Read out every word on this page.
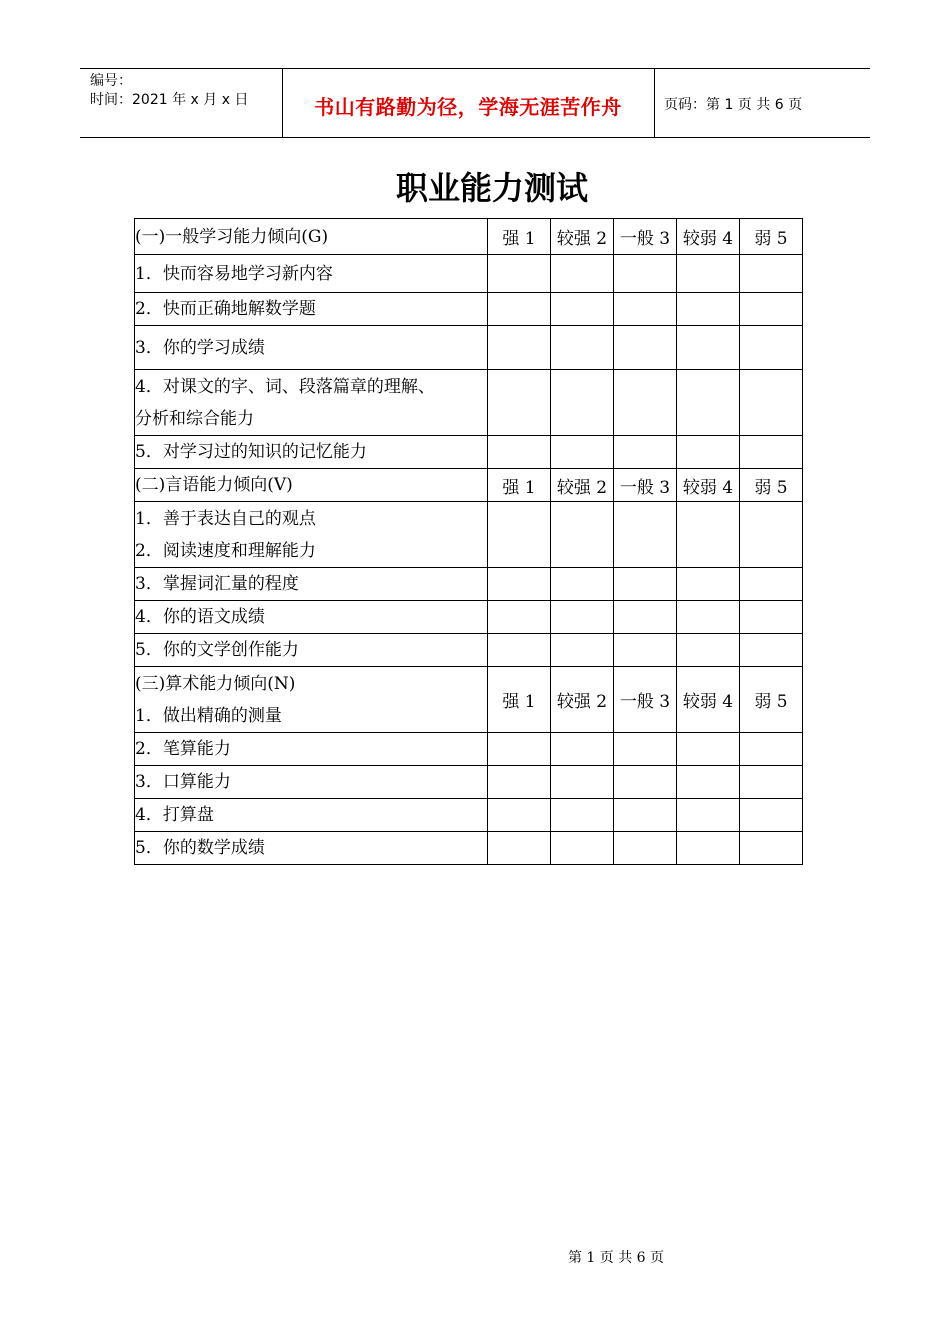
编号：
时间：2021 年 x 月 x 日	书山有路勤为径，学海无涯苦作舟	页码：第 1 页 共 6 页
职业能力测试
(一)一般学习能力倾向(G)	强 1	较强 2	一般 3	较弱 4	弱 5
1．快而容易地学习新内容					
2．快而正确地解数学题					
3．你的学习成绩					

4．对课文的字、词、段落篇章的理解、
分析和综合能力					

5．对学习过的知识的记忆能力					
(二)言语能力倾向(V)	强 1	较强 2	一般 3	较弱 4	弱 5

1．善于表达自己的观点
2．阅读速度和理解能力					

3．掌握词汇量的程度					
4．你的语文成绩					
5．你的文学创作能力					

(三)算术能力倾向(N)
1．做出精确的测量	强 1	较强 2	一般 3	较弱 4	弱 5
2．笔算能力					
3．口算能力					
4．打算盘					
5．你的数学成绩					
第 1 页 共 6 页
